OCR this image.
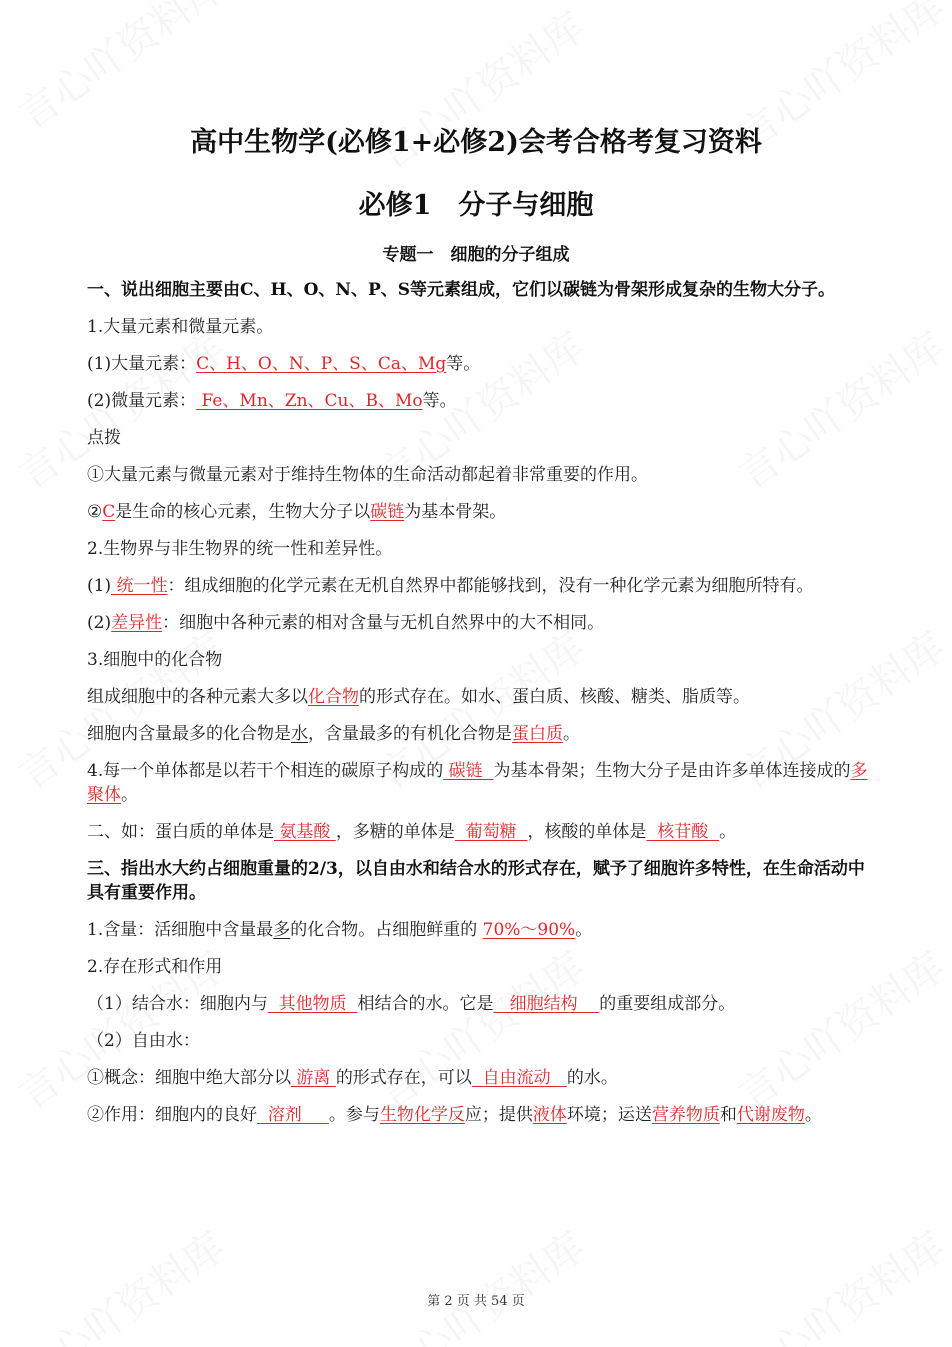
高中生物学(必修1+必修2)会考合格考复习资料
必修1　分子与细胞
专题一　细胞的分子组成
一、说出细胞主要由C、H、O、N、P、S等元素组成，它们以碳链为骨架形成复杂的生物大分子。
1.大量元素和微量元素。
(1)大量元素：C、H、O、N、P、S、Ca、Mg等。
(2)微量元素： Fe、Mn、Zn、Cu、B、Mo等。
点拨
①大量元素与微量元素对于维持生物体的生命活动都起着非常重要的作用。
②C是生命的核心元素，生物大分子以碳链为基本骨架。
2.生物界与非生物界的统一性和差异性。
(1) 统一性：组成细胞的化学元素在无机自然界中都能够找到，没有一种化学元素为细胞所特有。
(2)差异性：细胞中各种元素的相对含量与无机自然界中的大不相同。
3.细胞中的化合物
组成细胞中的各种元素大多以化合物的形式存在。如水、蛋白质、核酸、糖类、脂质等。
细胞内含量最多的化合物是水，含量最多的有机化合物是蛋白质。
4.每一个单体都是以若干个相连的碳原子构成的 碳链  为基本骨架；生物大分子是由许多单体连接成的多聚体。
二、如：蛋白质的单体是 氨基酸 ，多糖的单体是  葡萄糖  ，核酸的单体是  核苷酸  。
三、指出水大约占细胞重量的2/3，以自由水和结合水的形式存在，赋予了细胞许多特性，在生命活动中具有重要作用。
1.含量：活细胞中含量最多的化合物。占细胞鲜重的 70%～90%。
2.存在形式和作用
（1）结合水：细胞内与  其他物质  相结合的水。它是   细胞结构    的重要组成部分。
（2）自由水：
①概念：细胞中绝大部分以 游离 的形式存在，可以  自由流动   的水。
②作用：细胞内的良好  溶剂     。参与生物化学反应；提供液体环境；运送营养物质和代谢废物。
第 2 页 共 54 页
